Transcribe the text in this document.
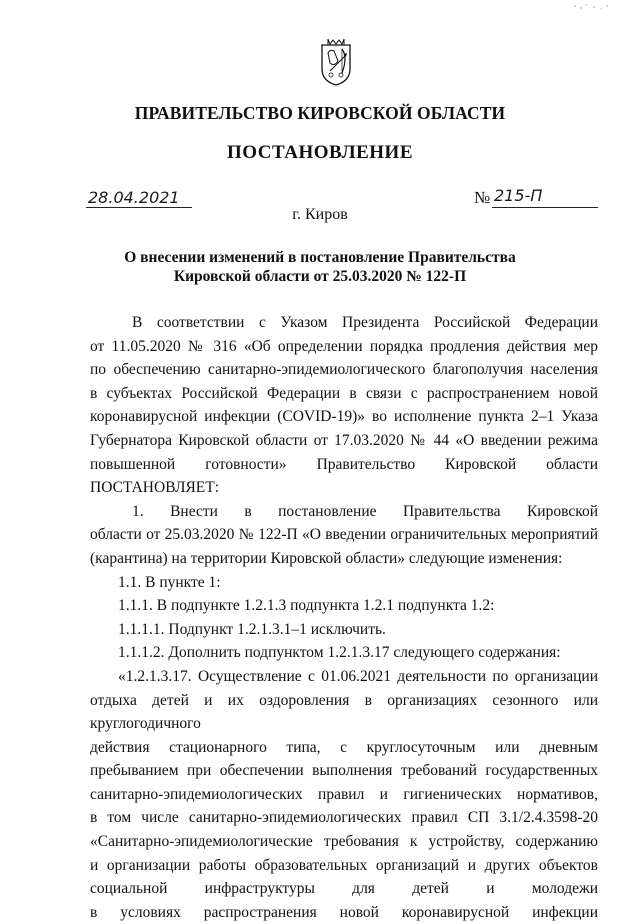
ПРАВИТЕЛЬСТВО КИРОВСКОЙ ОБЛАСТИ
ПОСТАНОВЛЕНИЕ
28.04.2021	№ 215-П
г. Киров
О внесении изменений в постановление Правительства
Кировской области от 25.03.2020 № 122-П

В соответствии с Указом Президента Российской Федерации

от 11.05.2020 № 316 «Об определении порядка продления действия мер

по обеспечению санитарно-эпидемиологического благополучия населения

в субъектах Российской Федерации в связи с распространением новой

коронавирусной инфекции (COVID-19)» во исполнение пункта 2–1 Указа

Губернатора Кировской области от 17.03.2020 № 44 «О введении режима

повышенной готовности» Правительство Кировской области

ПОСТАНОВЛЯЕТ:

1. Внести в постановление Правительства Кировской

области от 25.03.2020 № 122-П «О введении ограничительных мероприятий

(карантина) на территории Кировской области» следующие изменения:

1.1. В пункте 1:

1.1.1. В подпункте 1.2.1.3 подпункта 1.2.1 подпункта 1.2:

1.1.1.1. Подпункт 1.2.1.3.1–1 исключить.

1.1.1.2. Дополнить подпунктом 1.2.1.3.17 следующего содержания:

«1.2.1.3.17. Осуществление с 01.06.2021 деятельности по организации

отдыха детей и их оздоровления в организациях сезонного или круглогодичного

действия стационарного типа, с круглосуточным или дневным

пребыванием при обеспечении выполнения требований государственных

санитарно-эпидемиологических правил и гигиенических нормативов,

в том числе санитарно-эпидемиологических правил СП 3.1/2.4.3598-20

«Санитарно-эпидемиологические требования к устройству, содержанию

и организации работы образовательных организаций и других объектов

социальной инфраструктуры для детей и молодежи

в условиях распространения новой коронавирусной инфекции
